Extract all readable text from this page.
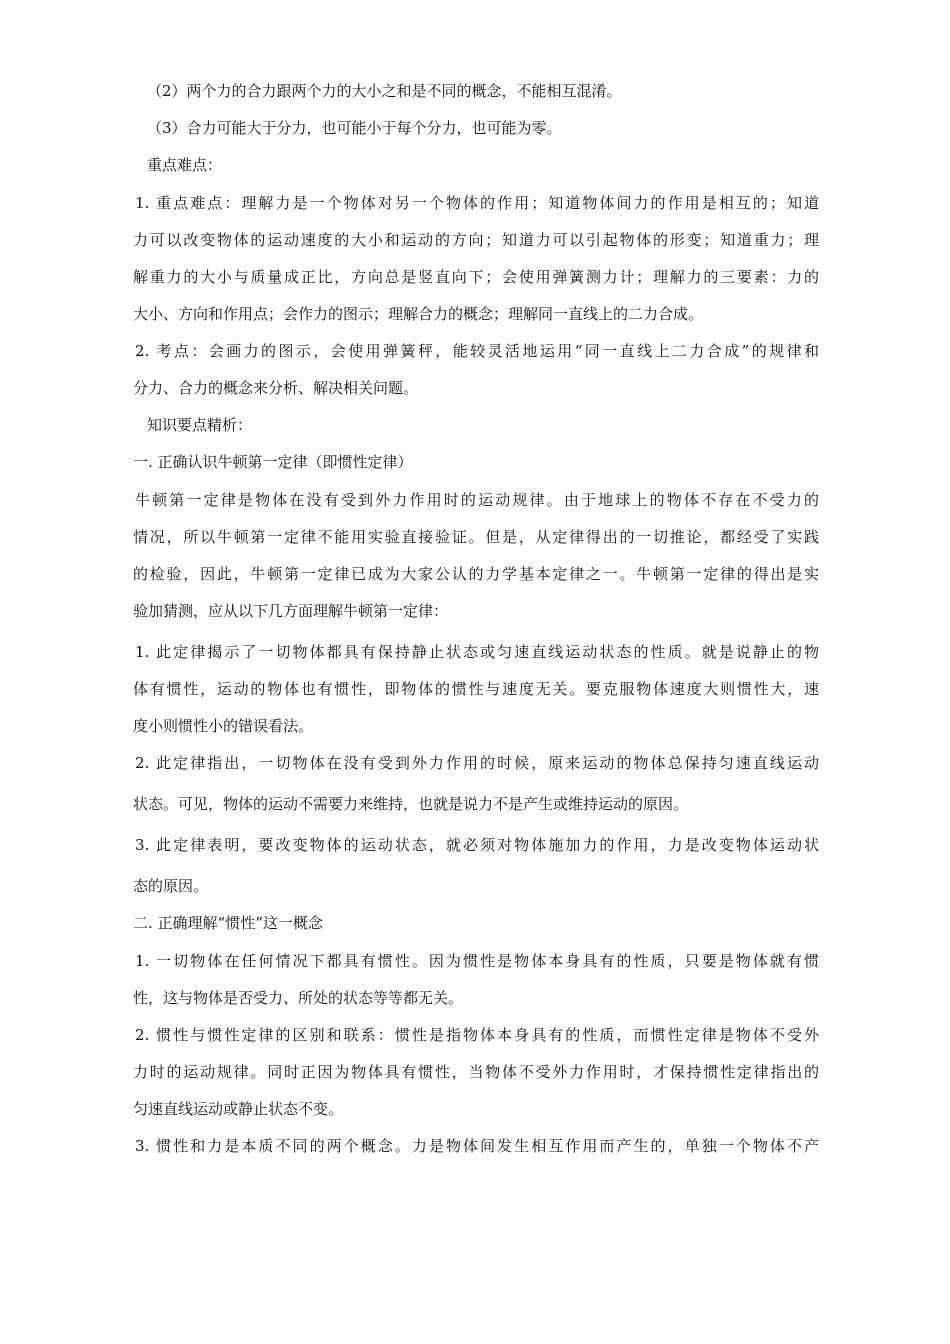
（2）两个力的合力跟两个力的大小之和是不同的概念，不能相互混淆。
（3）合力可能大于分力，也可能小于每个分力，也可能为零。
重点难点：
1. 重点难点：理解力是一个物体对另一个物体的作用；知道物体间力的作用是相互的；知道
力可以改变物体的运动速度的大小和运动的方向；知道力可以引起物体的形变；知道重力；理
解重力的大小与质量成正比，方向总是竖直向下；会使用弹簧测力计；理解力的三要素：力的
大小、方向和作用点；会作力的图示；理解合力的概念；理解同一直线上的二力合成。
2. 考点：会画力的图示，会使用弹簧秤，能较灵活地运用“同一直线上二力合成”的规律和
分力、合力的概念来分析、解决相关问题。
知识要点精析：
一. 正确认识牛顿第一定律（即惯性定律）
牛顿第一定律是物体在没有受到外力作用时的运动规律。由于地球上的物体不存在不受力的
情况，所以牛顿第一定律不能用实验直接验证。但是，从定律得出的一切推论，都经受了实践
的检验，因此，牛顿第一定律已成为大家公认的力学基本定律之一。牛顿第一定律的得出是实
验加猜测，应从以下几方面理解牛顿第一定律：
1. 此定律揭示了一切物体都具有保持静止状态或匀速直线运动状态的性质。就是说静止的物
体有惯性，运动的物体也有惯性，即物体的惯性与速度无关。要克服物体速度大则惯性大，速
度小则惯性小的错误看法。
2. 此定律指出，一切物体在没有受到外力作用的时候，原来运动的物体总保持匀速直线运动
状态。可见，物体的运动不需要力来维持，也就是说力不是产生或维持运动的原因。
3. 此定律表明，要改变物体的运动状态，就必须对物体施加力的作用，力是改变物体运动状
态的原因。
二. 正确理解“惯性”这一概念
1. 一切物体在任何情况下都具有惯性。因为惯性是物体本身具有的性质，只要是物体就有惯
性，这与物体是否受力、所处的状态等等都无关。
2. 惯性与惯性定律的区别和联系：惯性是指物体本身具有的性质，而惯性定律是物体不受外
力时的运动规律。同时正因为物体具有惯性，当物体不受外力作用时，才保持惯性定律指出的
匀速直线运动或静止状态不变。
3. 惯性和力是本质不同的两个概念。力是物体间发生相互作用而产生的，单独一个物体不产
